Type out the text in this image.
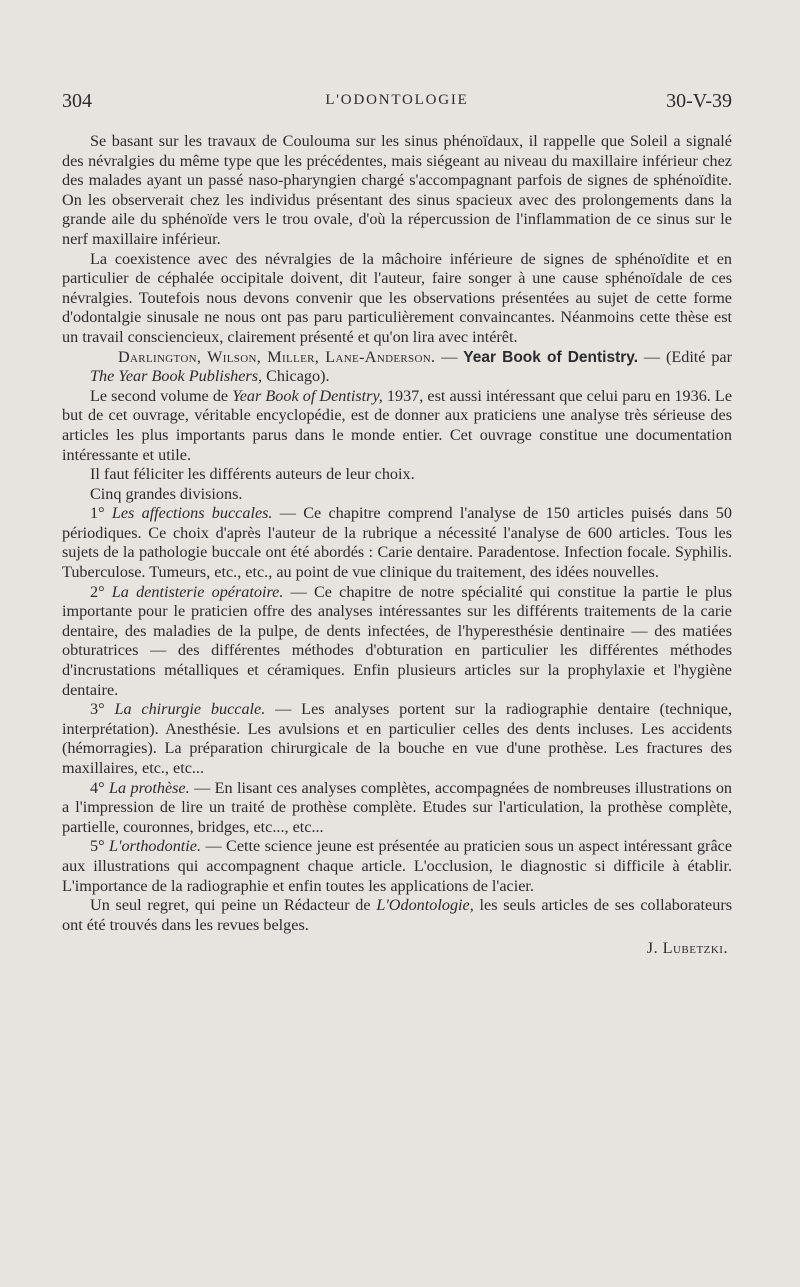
304	L'ODONTOLOGIE	30-V-39

Se basant sur les travaux de Coulouma sur les sinus phénoïdaux, il rappelle que Soleil a signalé des névralgies du même type que les précédentes, mais siégeant au niveau du maxillaire inférieur chez des malades ayant un passé naso-pharyngien chargé s'accompagnant parfois de signes de sphénoïdite. On les observerait chez les individus présentant des sinus spacieux avec des prolongements dans la grande aile du sphénoïde vers le trou ovale, d'où la répercussion de l'inflammation de ce sinus sur le nerf maxillaire inférieur.

La coexistence avec des névralgies de la mâchoire inférieure de signes de sphénoïdite et en particulier de céphalée occipitale doivent, dit l'auteur, faire songer à une cause sphénoïdale de ces névralgies. Toutefois nous devons convenir que les observations présentées au sujet de cette forme d'odontalgie sinusale ne nous ont pas paru particulièrement convaincantes. Néanmoins cette thèse est un travail consciencieux, clairement présenté et qu'on lira avec intérêt.

Darlington, Wilson, Miller, Lane-Anderson. — Year Book of Dentistry. — (Edité par The Year Book Publishers, Chicago).

Le second volume de Year Book of Dentistry, 1937, est aussi intéressant que celui paru en 1936. Le but de cet ouvrage, véritable encyclopédie, est de donner aux praticiens une analyse très sérieuse des articles les plus importants parus dans le monde entier. Cet ouvrage constitue une documentation intéressante et utile.

Il faut féliciter les différents auteurs de leur choix.

Cinq grandes divisions.

1° Les affections buccales. — Ce chapitre comprend l'analyse de 150 articles puisés dans 50 périodiques. Ce choix d'après l'auteur de la rubrique a nécessité l'analyse de 600 articles. Tous les sujets de la pathologie buccale ont été abordés : Carie dentaire. Paradentose. Infection focale. Syphilis. Tuberculose. Tumeurs, etc., etc., au point de vue clinique du traitement, des idées nouvelles.

2° La dentisterie opératoire. — Ce chapitre de notre spécialité qui constitue la partie le plus importante pour le praticien offre des analyses intéressantes sur les différents traitements de la carie dentaire, des maladies de la pulpe, de dents infectées, de l'hyperesthésie dentinaire — des matiées obturatrices — des différentes méthodes d'obturation en particulier les différentes méthodes d'incrustations métalliques et céramiques. Enfin plusieurs articles sur la prophylaxie et l'hygiène dentaire.

3° La chirurgie buccale. — Les analyses portent sur la radiographie dentaire (technique, interprétation). Anesthésie. Les avulsions et en particulier celles des dents incluses. Les accidents (hémorragies). La préparation chirurgicale de la bouche en vue d'une prothèse. Les fractures des maxillaires, etc., etc...

4° La prothèse. — En lisant ces analyses complètes, accompagnées de nombreuses illustrations on a l'impression de lire un traité de prothèse complète. Etudes sur l'articulation, la prothèse complète, partielle, couronnes, bridges, etc..., etc...

5° L'orthodontie. — Cette science jeune est présentée au praticien sous un aspect intéressant grâce aux illustrations qui accompagnent chaque article. L'occlusion, le diagnostic si difficile à établir. L'importance de la radiographie et enfin toutes les applications de l'acier.

Un seul regret, qui peine un Rédacteur de L'Odontologie, les seuls articles de ses collaborateurs ont été trouvés dans les revues belges.

J. Lubetzki.
